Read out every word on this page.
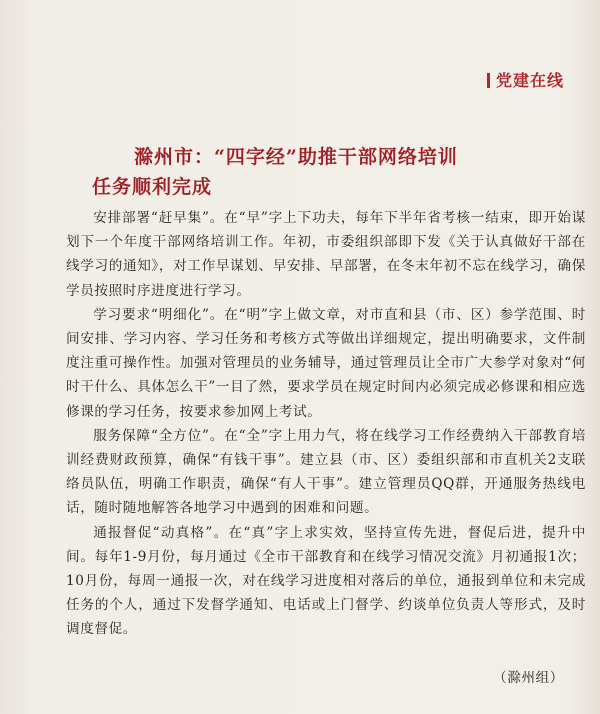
党建在线
滁州市：“四字经”助推干部网络培训
任务顺利完成

安排部署“赶早集”。在“早”字上下功夫，每年下半年省考核一结束，即开始谋划下一个年度干部网络培训工作。年初，市委组织部即下发《关于认真做好干部在线学习的通知》，对工作早谋划、早安排、早部署，在冬末年初不忘在线学习，确保学员按照时序进度进行学习。

学习要求“明细化”。在“明”字上做文章，对市直和县（市、区）参学范围、时间安排、学习内容、学习任务和考核方式等做出详细规定，提出明确要求，文件制度注重可操作性。加强对管理员的业务辅导，通过管理员让全市广大参学对象对“何时干什么、具体怎么干”一目了然，要求学员在规定时间内必须完成必修课和相应选修课的学习任务，按要求参加网上考试。

服务保障“全方位”。在“全”字上用力气，将在线学习工作经费纳入干部教育培训经费财政预算，确保“有钱干事”。建立县（市、区）委组织部和市直机关2支联络员队伍，明确工作职责，确保“有人干事”。建立管理员QQ群，开通服务热线电话，随时随地解答各地学习中遇到的困难和问题。

通报督促“动真格”。在“真”字上求实效，坚持宣传先进，督促后进，提升中间。每年1-9月份，每月通过《全市干部教育和在线学习情况交流》月初通报1次；10月份，每周一通报一次，对在线学习进度相对落后的单位，通报到单位和未完成任务的个人，通过下发督学通知、电话或上门督学、约谈单位负责人等形式，及时调度督促。

（滁州组）
